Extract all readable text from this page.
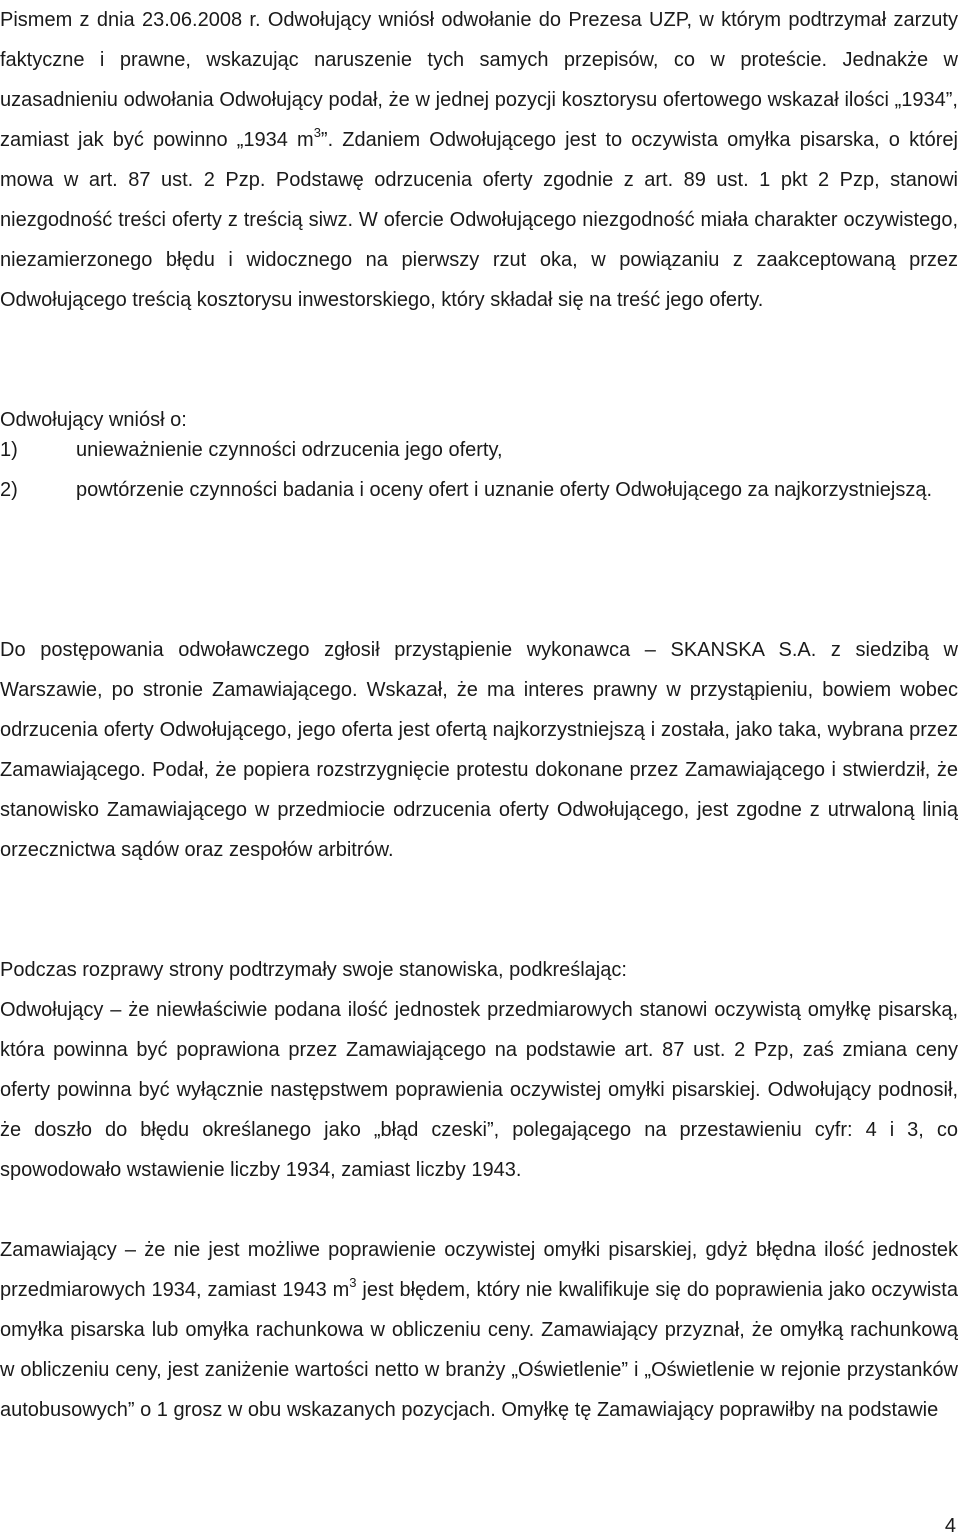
Pismem z dnia 23.06.2008 r. Odwołujący wniósł odwołanie do Prezesa UZP, w którym podtrzymał zarzuty faktyczne i prawne, wskazując naruszenie tych samych przepisów, co w proteście. Jednakże w uzasadnieniu odwołania Odwołujący podał, że w jednej pozycji kosztorysu ofertowego wskazał ilości „1934”, zamiast jak być powinno „1934 $m^3$”. Zdaniem Odwołującego jest to oczywista omyłka pisarska, o której mowa w art. 87 ust. 2 Pzp. Podstawę odrzucenia oferty zgodnie z art. 89 ust. 1 pkt 2 Pzp, stanowi niezgodność treści oferty z treścią siwz. W ofercie Odwołującego niezgodność miała charakter oczywistego, niezamierzonego błędu i widocznego na pierwszy rzut oka, w powiązaniu z zaakceptowaną przez Odwołującego treścią kosztorysu inwestorskiego, który składał się na treść jego oferty.

Odwołujący wniósł o:

1)	unieważnienie czynności odrzucenia jego oferty,
2)	powtórzenie czynności badania i oceny ofert i uznanie oferty Odwołującego za najkorzystniejszą.

Do postępowania odwoławczego zgłosił przystąpienie wykonawca – SKANSKA S.A. z siedzibą w Warszawie, po stronie Zamawiającego. Wskazał, że ma interes prawny w przystąpieniu, bowiem wobec odrzucenia oferty Odwołującego, jego oferta jest ofertą najkorzystniejszą i została, jako taka, wybrana przez Zamawiającego. Podał, że popiera rozstrzygnięcie protestu dokonane przez Zamawiającego i stwierdził, że stanowisko Zamawiającego w przedmiocie odrzucenia oferty Odwołującego, jest zgodne z utrwaloną linią orzecznictwa sądów oraz zespołów arbitrów.

Podczas rozprawy strony podtrzymały swoje stanowiska, podkreślając:

Odwołujący – że niewłaściwie podana ilość jednostek przedmiarowych stanowi oczywistą omyłkę pisarską, która powinna być poprawiona przez Zamawiającego na podstawie art. 87 ust. 2 Pzp, zaś zmiana ceny oferty powinna być wyłącznie następstwem poprawienia oczywistej omyłki pisarskiej. Odwołujący podnosił, że doszło do błędu określanego jako „błąd czeski”, polegającego na przestawieniu cyfr: 4 i 3, co spowodowało wstawienie liczby 1934, zamiast liczby 1943.

Zamawiający – że nie jest możliwe poprawienie oczywistej omyłki pisarskiej, gdyż błędna ilość jednostek przedmiarowych 1934, zamiast 1943 $m^3$ jest błędem, który nie kwalifikuje się do poprawienia jako oczywista omyłka pisarska lub omyłka rachunkowa w obliczeniu ceny. Zamawiający przyznał, że omyłką rachunkową w obliczeniu ceny, jest zaniżenie wartości netto w branży „Oświetlenie” i „Oświetlenie w rejonie przystanków autobusowych” o 1 grosz w obu wskazanych pozycjach. Omyłkę tę Zamawiający poprawiłby na podstawie

4
